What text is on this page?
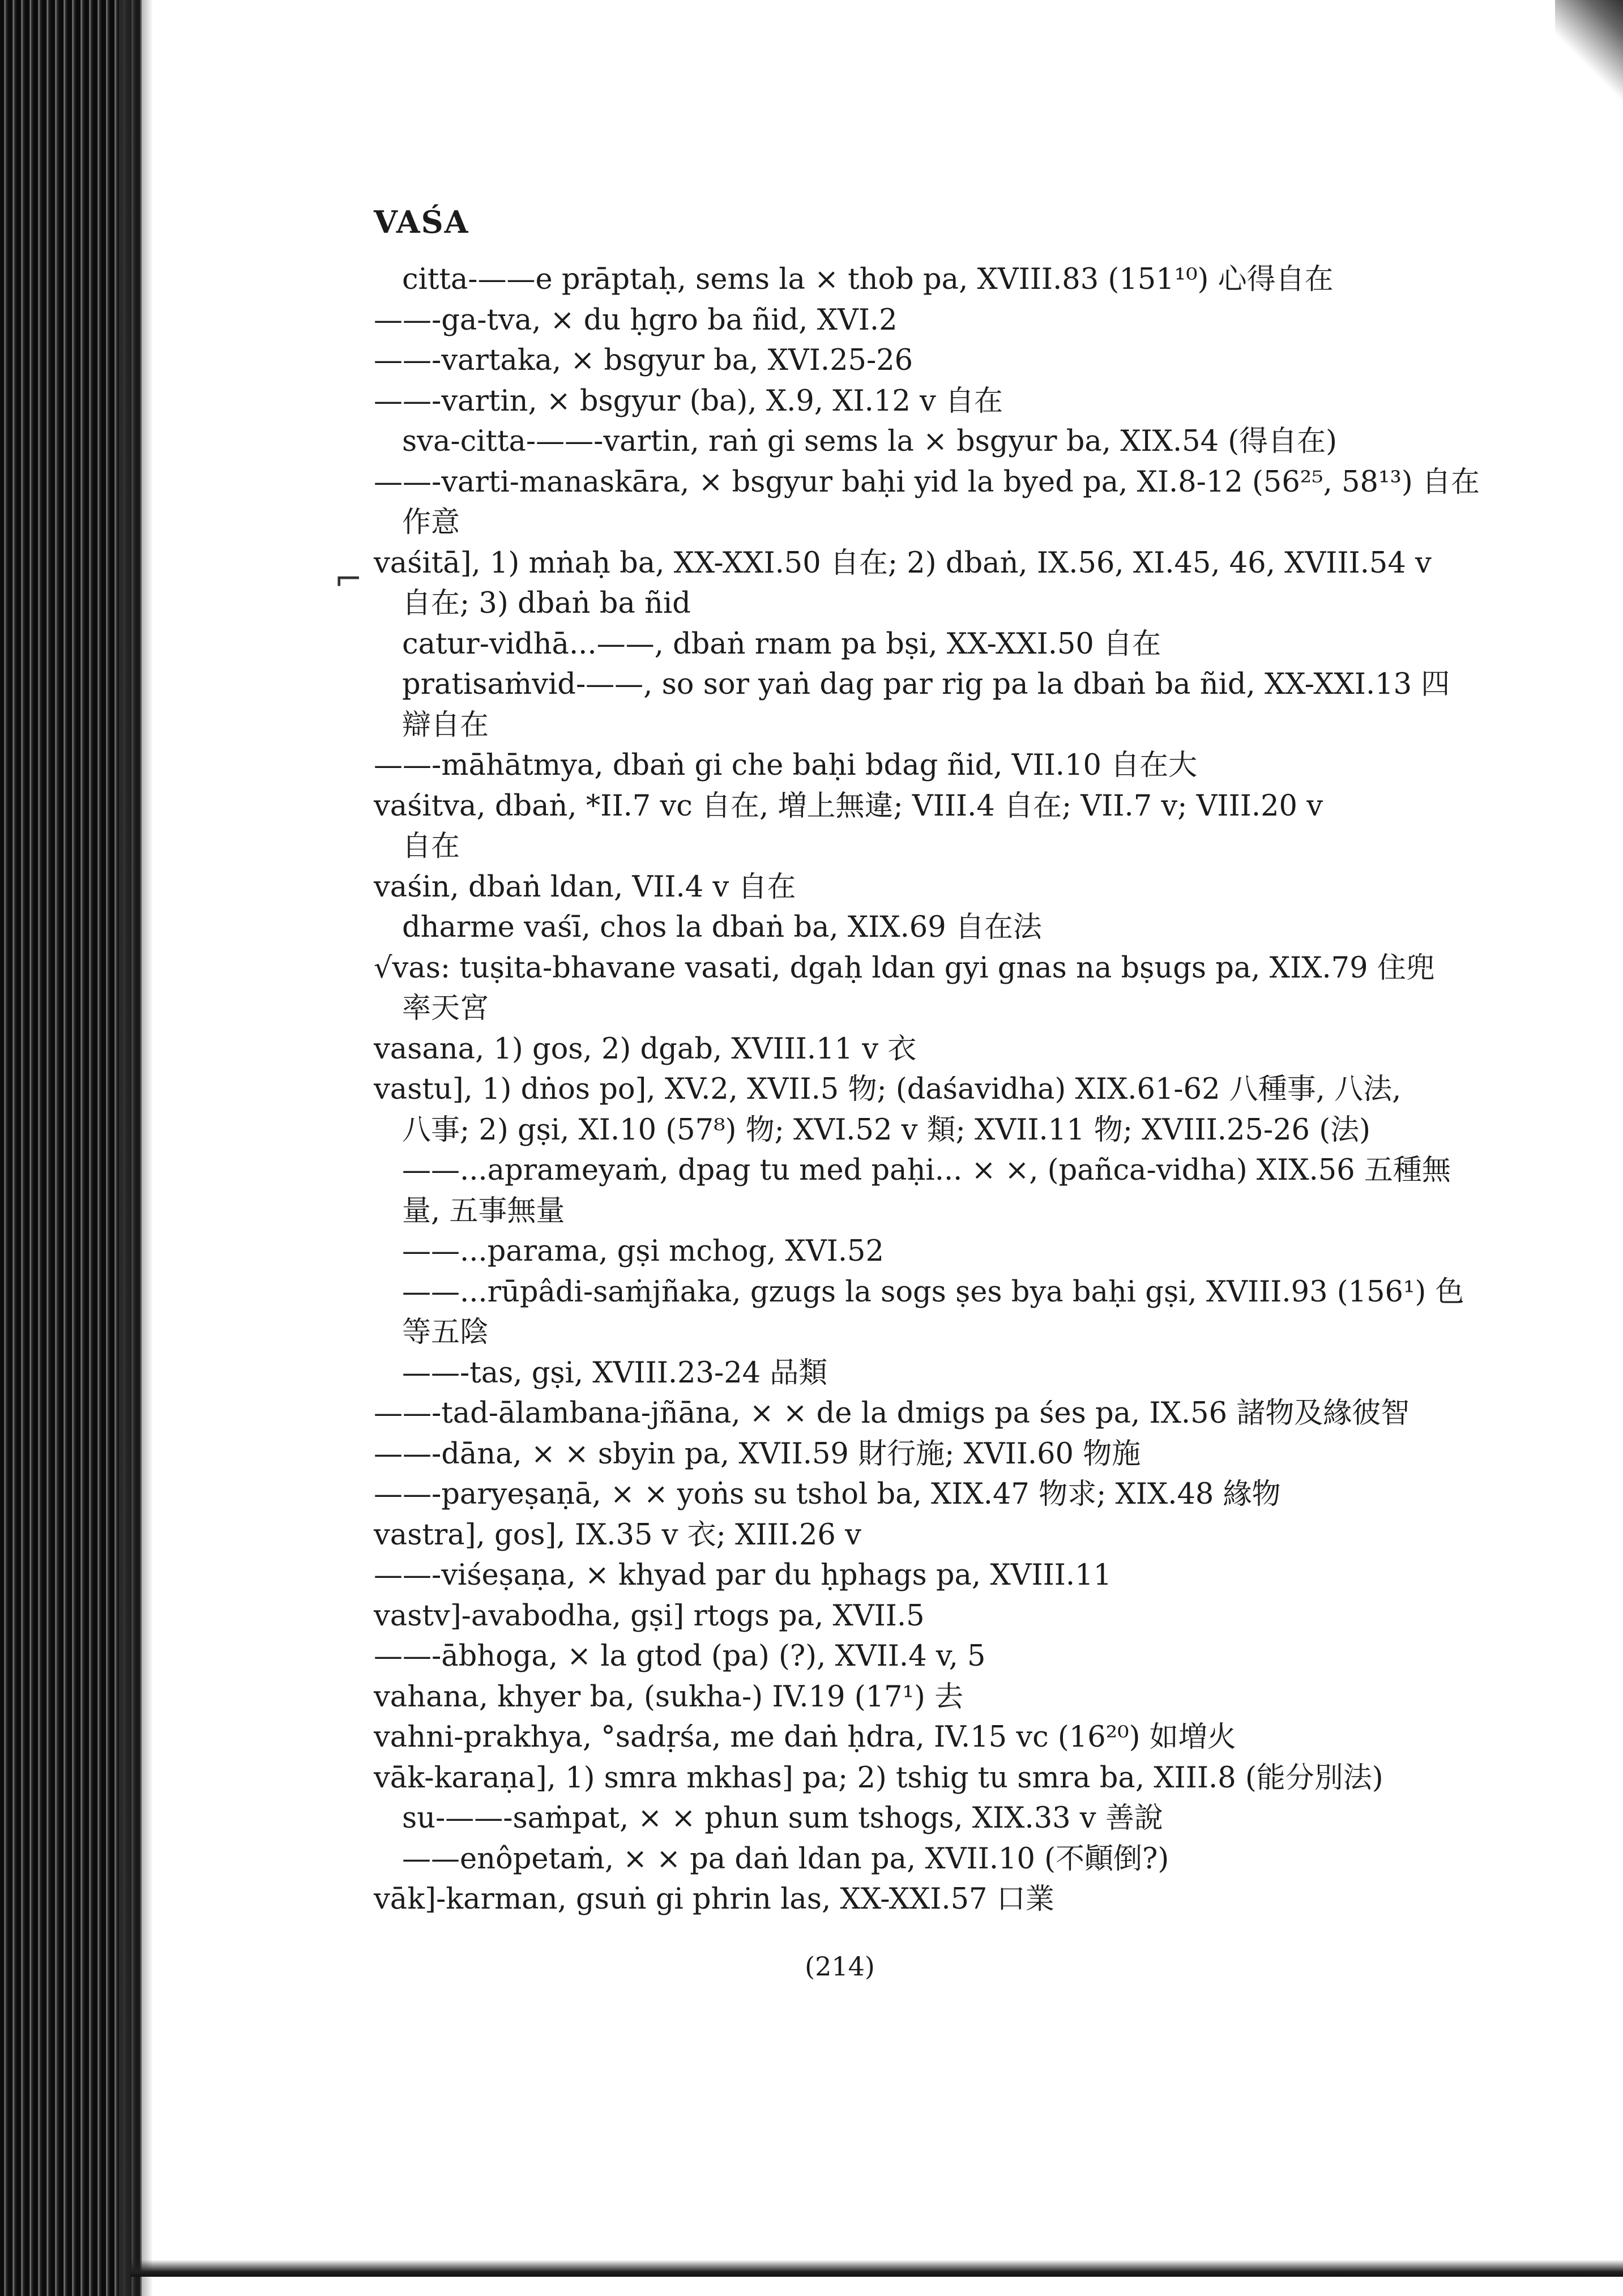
VAŚA
⌐
citta-——e prāptaḥ, sems la × thob pa, XVIII.83 (151¹⁰) 心得自在
——-ga-tva, × du ḥgro ba ñid, XVI.2
——-vartaka, × bsgyur ba, XVI.25-26
——-vartin, × bsgyur (ba), X.9, XI.12 v 自在
sva-citta-——-vartin, raṅ gi sems la × bsgyur ba, XIX.54 (得自在)
——-varti-manaskāra, × bsgyur baḥi yid la byed pa, XI.8-12 (56²⁵, 58¹³) 自在
作意
vaśitā], 1) mṅaḥ ba, XX-XXI.50 自在; 2) dbaṅ, IX.56, XI.45, 46, XVIII.54 v
自在; 3) dbaṅ ba ñid
catur-vidhā...——, dbaṅ rnam pa bṣi, XX-XXI.50 自在
pratisaṁvid-——, so sor yaṅ dag par rig pa la dbaṅ ba ñid, XX-XXI.13 四
辯自在
——-māhātmya, dbaṅ gi che baḥi bdag ñid, VII.10 自在大
vaśitva, dbaṅ, *II.7 vc 自在, 増上無違; VIII.4 自在; VII.7 v; VIII.20 v
自在
vaśin, dbaṅ ldan, VII.4 v 自在
dharme vaśī, chos la dbaṅ ba, XIX.69 自在法
√vas: tuṣita-bhavane vasati, dgaḥ ldan gyi gnas na bṣugs pa, XIX.79 住兜
率天宮
vasana, 1) gos, 2) dgab, XVIII.11 v 衣
vastu], 1) dṅos po], XV.2, XVII.5 物; (daśavidha) XIX.61-62 八種事, 八法,
八事; 2) gṣi, XI.10 (57⁸) 物; XVI.52 v 類; XVII.11 物; XVIII.25-26 (法)
——...aprameyaṁ, dpag tu med paḥi... × ×, (pañca-vidha) XIX.56 五種無
量, 五事無量
——...parama, gṣi mchog, XVI.52
——...rūpâdi-saṁjñaka, gzugs la sogs ṣes bya baḥi gṣi, XVIII.93 (156¹) 色
等五陰
——-tas, gṣi, XVIII.23-24 品類
——-tad-ālambana-jñāna, × × de la dmigs pa śes pa, IX.56 諸物及緣彼智
——-dāna, × × sbyin pa, XVII.59 財行施; XVII.60 物施
——-paryeṣaṇā, × × yoṅs su tshol ba, XIX.47 物求; XIX.48 緣物
vastra], gos], IX.35 v 衣; XIII.26 v
——-viśeṣaṇa, × khyad par du ḥphags pa, XVIII.11
vastv]-avabodha, gṣi] rtogs pa, XVII.5
——-ābhoga, × la gtod (pa) (?), XVII.4 v, 5
vahana, khyer ba, (sukha-) IV.19 (17¹) 去
vahni-prakhya, °sadṛśa, me daṅ ḥdra, IV.15 vc (16²⁰) 如増火
vāk-karaṇa], 1) smra mkhas] pa; 2) tshig tu smra ba, XIII.8 (能分別法)
su-——-saṁpat, × × phun sum tshogs, XIX.33 v 善說
——enôpetaṁ, × × pa daṅ ldan pa, XVII.10 (不顚倒?)
vāk]-karman, gsuṅ gi phrin las, XX-XXI.57 口業
(214)
